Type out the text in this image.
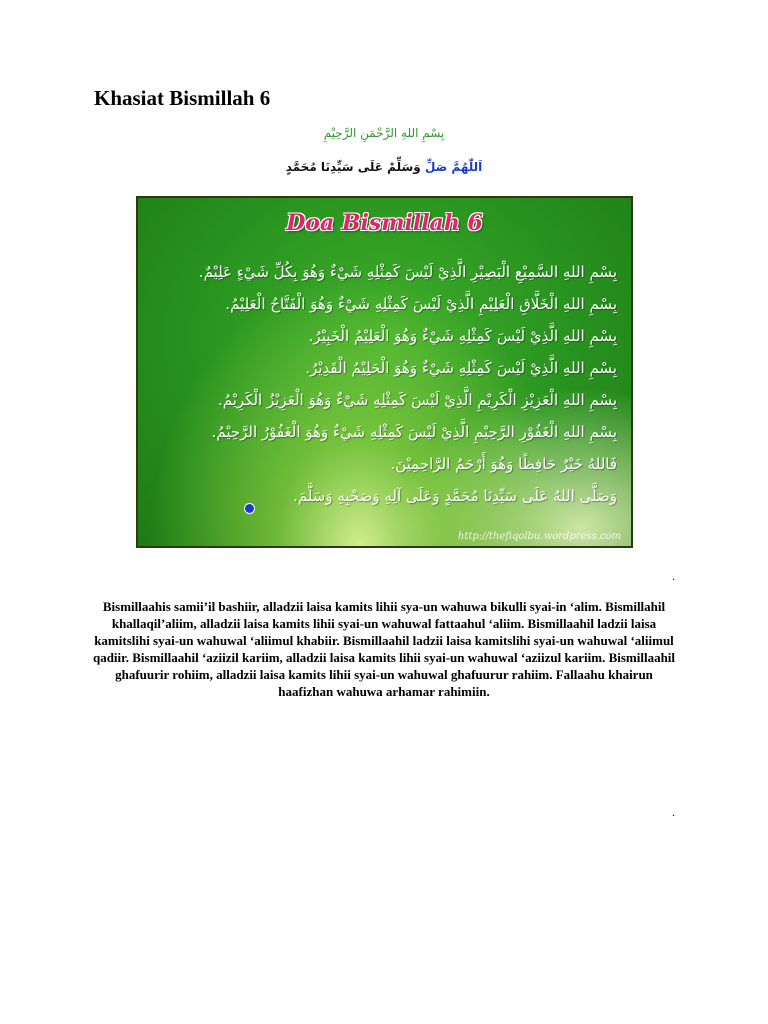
Khasiat Bismillah 6
بِسْمِ اللهِ الرَّحْمَنِ الرَّحِيْمِ
اَللّٰهُمَّ صَلِّ وَسَلِّمْ عَلَى سَيِّدِنَا مُحَمَّدٍ
Doa Bismillah 6
بِسْمِ اللهِ السَّمِيْعِ الْبَصِيْرِ الَّذِيْ لَيْسَ كَمِثْلِهِ شَيْءٌ وَهُوَ بِكُلِّ شَيْءٍ عَلِيْمٌ.
بِسْمِ اللهِ الْخَلَّاقِ الْعَلِيْمِ الَّذِيْ لَيْسَ كَمِثْلِهِ شَيْءٌ وَهُوَ الْفَتَّاحُ الْعَلِيْمُ.
بِسْمِ اللهِ الَّذِيْ لَيْسَ كَمِثْلِهِ شَيْءٌ وَهُوَ الْعَلِيْمُ الْخَبِيْرُ.
بِسْمِ اللهِ الَّذِيْ لَيْسَ كَمِثْلِهِ شَيْءٌ وَهُوَ الْحَلِيْمُ الْقَدِيْرُ.
بِسْمِ اللهِ الْعَزِيْزِ الْكَرِيْمِ الَّذِيْ لَيْسَ كَمِثْلِهِ شَيْءٌ وَهُوَ الْعَزِيْزُ الْكَرِيْمُ.
بِسْمِ اللهِ الْغَفُوْرِ الرَّحِيْمِ الَّذِيْ لَيْسَ كَمِثْلِهِ شَيْءٌ وَهُوَ الْغَفُوْرُ الرَّحِيْمُ.
فَاللهُ خَيْرٌ حَافِظًا وَهُوَ أَرْحَمُ الرَّاحِمِيْنَ.
وَصَلَّى اللهُ عَلَى سَيِّدِنَا مُحَمَّدٍ وَعَلَى آلِهِ وَصَحْبِهِ وَسَلَّمَ.
http://thefiqolbu.wordpress.com
.

Bismillaahis samii’il bashiir, alladzii laisa kamits lihii sya-un wahuwa bikulli syai-in ‘alim. Bismillahil khallaqil’aliim, alladzii laisa kamits lihii syai-un wahuwal fattaahul ‘aliim. Bismillaahil ladzii laisa kamitslihi syai-un wahuwal ‘aliimul khabiir. Bismillaahil ladzii laisa kamitslihi syai-un wahuwal ‘aliimul qadiir. Bismillaahil ‘aziizil kariim, alladzii laisa kamits lihii syai-un wahuwal ‘aziizul kariim. Bismillaahil ghafuurir rohiim, alladzii laisa kamits lihii syai-un wahuwal ghafuurur rahiim. Fallaahu khairun haafizhan wahuwa arhamar rahimiin.

.
